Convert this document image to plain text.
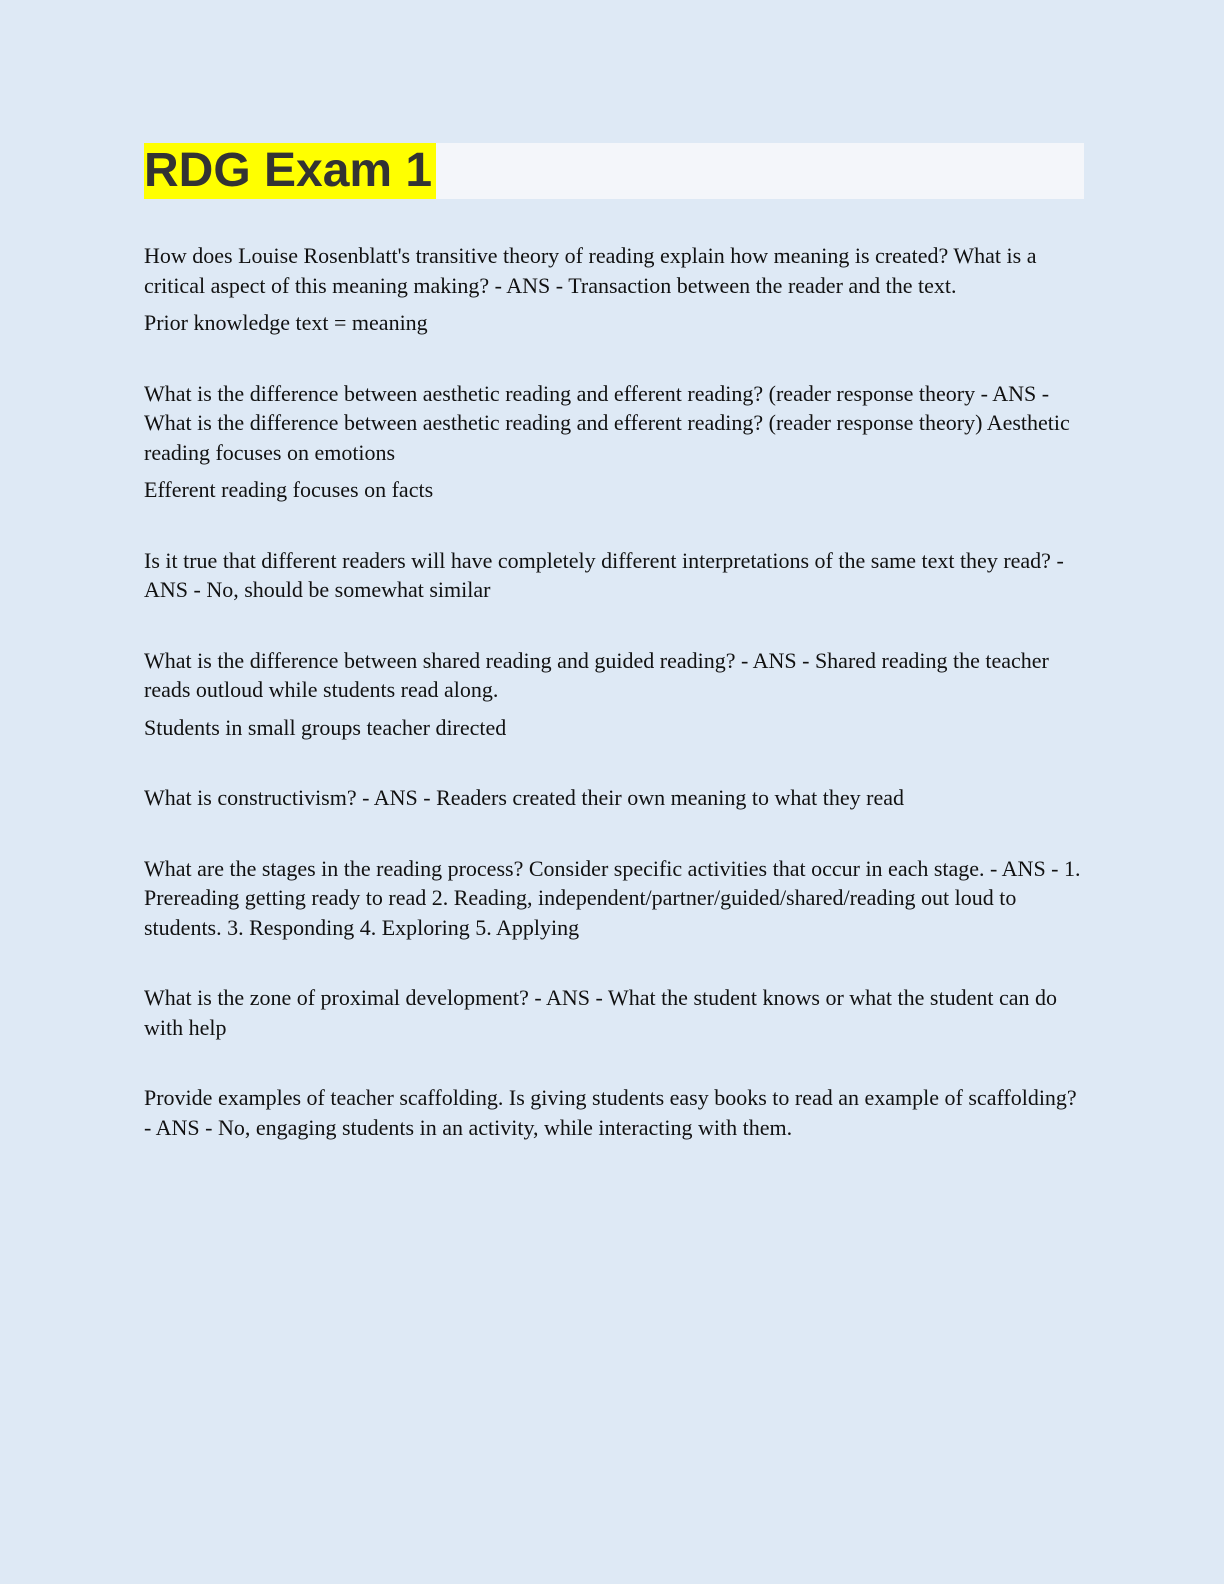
RDG Exam 1

How does Louise Rosenblatt's transitive theory of reading explain how meaning is created? What is a critical aspect of this meaning making? - ANS - Transaction between the reader and the text.

Prior knowledge text = meaning

What is the difference between aesthetic reading and efferent reading? (reader response theory - ANS - What is the difference between aesthetic reading and efferent reading? (reader response theory) Aesthetic reading focuses on emotions

Efferent reading focuses on facts

Is it true that different readers will have completely different interpretations of the same text they read? - ANS - No, should be somewhat similar

What is the difference between shared reading and guided reading? - ANS - Shared reading the teacher reads outloud while students read along.

Students in small groups teacher directed

What is constructivism? - ANS - Readers created their own meaning to what they read

What are the stages in the reading process? Consider specific activities that occur in each stage. - ANS - 1. Prereading getting ready to read 2. Reading, independent/partner/guided/shared/reading out loud to students. 3. Responding 4. Exploring 5. Applying

What is the zone of proximal development? - ANS - What the student knows or what the student can do with help

Provide examples of teacher scaffolding. Is giving students easy books to read an example of scaffolding? - ANS - No, engaging students in an activity, while interacting with them.
